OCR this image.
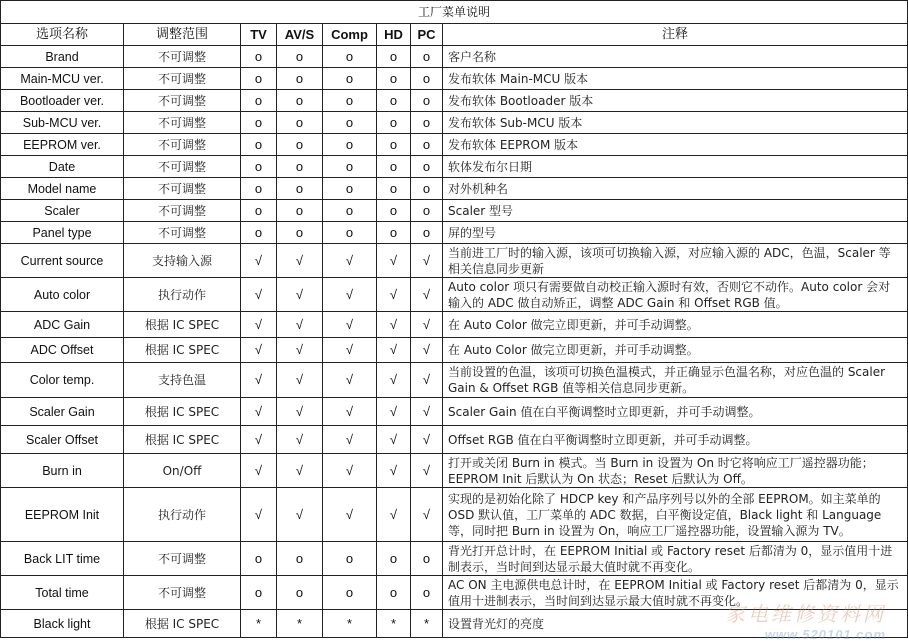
工厂菜单说明							
选项名称	调整范围	TV	AV/S	Comp	HD	PC	注释
Brand	不可调整	o	o	o	o	o	客户名称
Main-MCU ver.	不可调整	o	o	o	o	o	发布软体 Main-MCU 版本
Bootloader ver.	不可调整	o	o	o	o	o	发布软体 Bootloader 版本
Sub-MCU ver.	不可调整	o	o	o	o	o	发布软体 Sub-MCU 版本
EEPROM ver.	不可调整	o	o	o	o	o	发布软体 EEPROM 版本
Date	不可调整	o	o	o	o	o	软体发布尔日期
Model name	不可调整	o	o	o	o	o	对外机种名
Scaler	不可调整	o	o	o	o	o	Scaler 型号
Panel type	不可调整	o	o	o	o	o	屏的型号
Current source	支持输入源	√	√	√	√	√	当前进工厂时的输入源，该项可切换输入源，对应输入源的 ADC，色温，Scaler 等相关信息同步更新
Auto color	执行动作	√	√	√	√	√	Auto color 项只有需要做自动校正输入源时有效，否则它不动作。Auto color 会对输入的 ADC 做自动矫正，调整 ADC Gain 和 Offset RGB 值。
ADC Gain	根据 IC SPEC	√	√	√	√	√	在 Auto Color 做完立即更新，并可手动调整。
ADC Offset	根据 IC SPEC	√	√	√	√	√	在 Auto Color 做完立即更新，并可手动调整。
Color temp.	支持色温	√	√	√	√	√	当前设置的色温，该项可切换色温模式，并正确显示色温名称，对应色温的 Scaler Gain & Offset RGB 值等相关信息同步更新。
Scaler Gain	根据 IC SPEC	√	√	√	√	√	Scaler Gain 值在白平衡调整时立即更新，并可手动调整。
Scaler Offset	根据 IC SPEC	√	√	√	√	√	Offset RGB 值在白平衡调整时立即更新，并可手动调整。
Burn in	On/Off	√	√	√	√	√	打开或关闭 Burn in 模式。当 Burn in 设置为 On 时它将响应工厂遥控器功能；EEPROM Init 后默认为 On 状态；Reset 后默认为 Off。
EEPROM Init	执行动作	√	√	√	√	√	实现的是初始化除了 HDCP key 和产品序列号以外的全部 EEPROM。如主菜单的 OSD 默认值，工厂菜单的 ADC 数据，白平衡设定值，Black light 和 Language 等，同时把 Burn in 设置为 On，响应工厂遥控器功能，设置输入源为 TV。
Back LIT time	不可调整	o	o	o	o	o	背光打开总计时，在 EEPROM Initial 或 Factory reset 后都清为 0，显示值用十进制表示，当时间到达显示最大值时就不再变化。
Total time	不可调整	o	o	o	o	o	AC ON 主电源供电总计时，在 EEPROM Initial 或 Factory reset 后都清为 0，显示值用十进制表示，当时间到达显示最大值时就不再变化。
Black light	根据 IC SPEC	*	*	*	*	*	设置背光灯的亮度	家电维修资料网
www.520101.com
